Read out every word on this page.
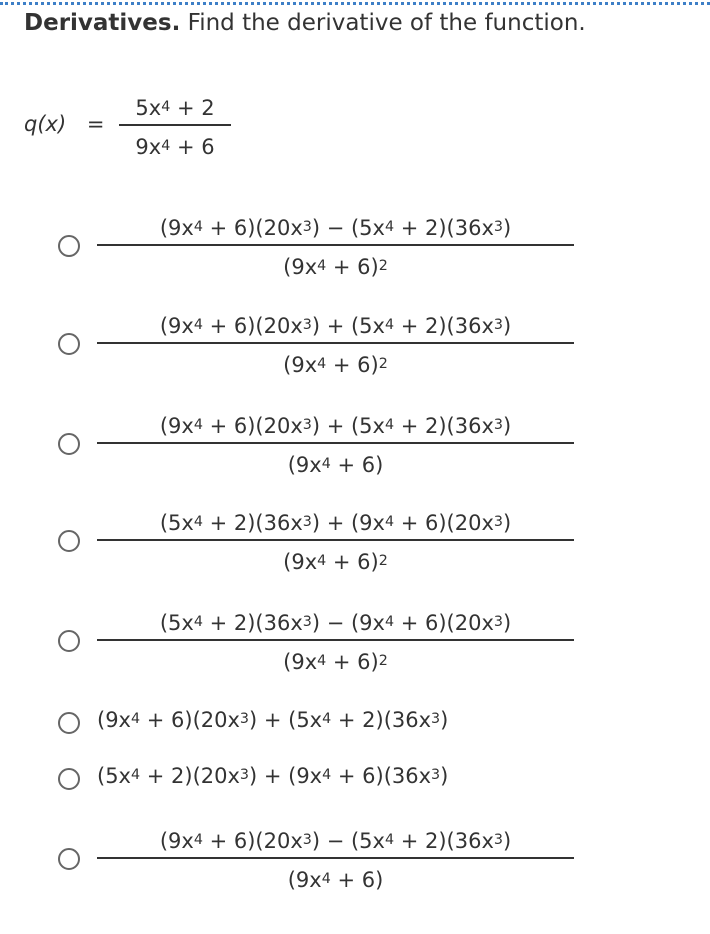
Derivatives. Find the derivative of the function.
q(x) =
$5x^4 + 2$
$9x^4 + 6$
$(9x^4 + 6)(20x^3) - (5x^4 + 2)(36x^3)$
$(9x^4 + 6)^2$
$(9x^4 + 6)(20x^3) + (5x^4 + 2)(36x^3)$
$(9x^4 + 6)^2$
$(9x^4 + 6)(20x^3) + (5x^4 + 2)(36x^3)$
$(9x^4 + 6)$
$(5x^4 + 2)(36x^3) + (9x^4 + 6)(20x^3)$
$(9x^4 + 6)^2$
$(5x^4 + 2)(36x^3) - (9x^4 + 6)(20x^3)$
$(9x^4 + 6)^2$
$(9x^4 + 6)(20x^3) + (5x^4 + 2)(36x^3)$
$(5x^4 + 2)(20x^3) + (9x^4 + 6)(36x^3)$
$(9x^4 + 6)(20x^3) - (5x^4 + 2)(36x^3)$
$(9x^4 + 6)$
